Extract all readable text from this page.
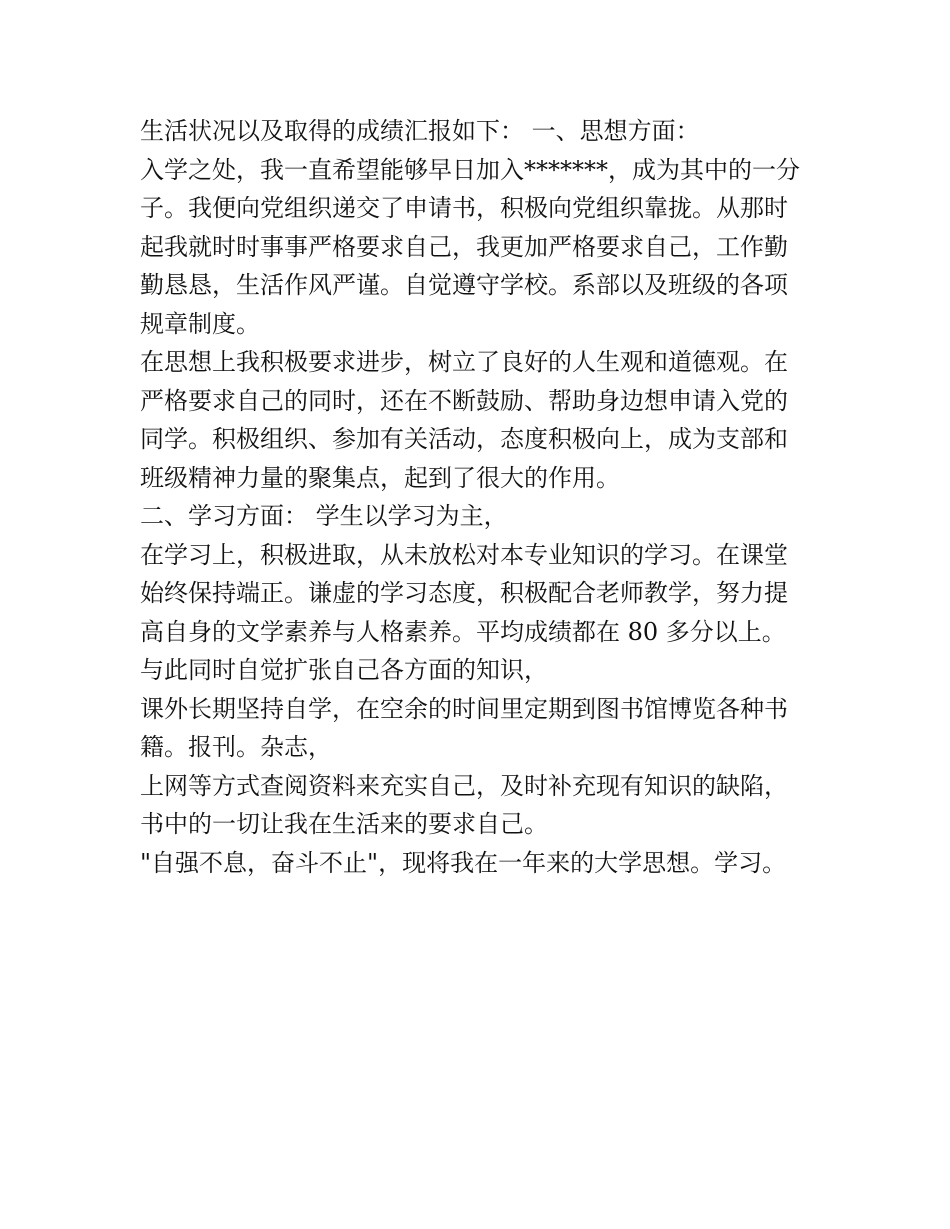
生活状况以及取得的成绩汇报如下： 一、思想方面：
入学之处，我一直希望能够早日加入*******，成为其中的一分
子。我便向党组织递交了申请书，积极向党组织靠拢。从那时
起我就时时事事严格要求自己，我更加严格要求自己，工作勤
勤恳恳，生活作风严谨。自觉遵守学校。系部以及班级的各项
规章制度。
在思想上我积极要求进步，树立了良好的人生观和道德观。在
严格要求自己的同时，还在不断鼓励、帮助身边想申请入党的
同学。积极组织、参加有关活动，态度积极向上，成为支部和
班级精神力量的聚集点，起到了很大的作用。
二、学习方面： 学生以学习为主，
在学习上，积极进取，从未放松对本专业知识的学习。在课堂
始终保持端正。谦虚的学习态度，积极配合老师教学，努力提
高自身的文学素养与人格素养。平均成绩都在 80 多分以上。
与此同时自觉扩张自己各方面的知识，
课外长期坚持自学，在空余的时间里定期到图书馆博览各种书
籍。报刊。杂志，
上网等方式查阅资料来充实自己，及时补充现有知识的缺陷，
书中的一切让我在生活来的要求自己。
"自强不息，奋斗不止"，现将我在一年来的大学思想。学习。
